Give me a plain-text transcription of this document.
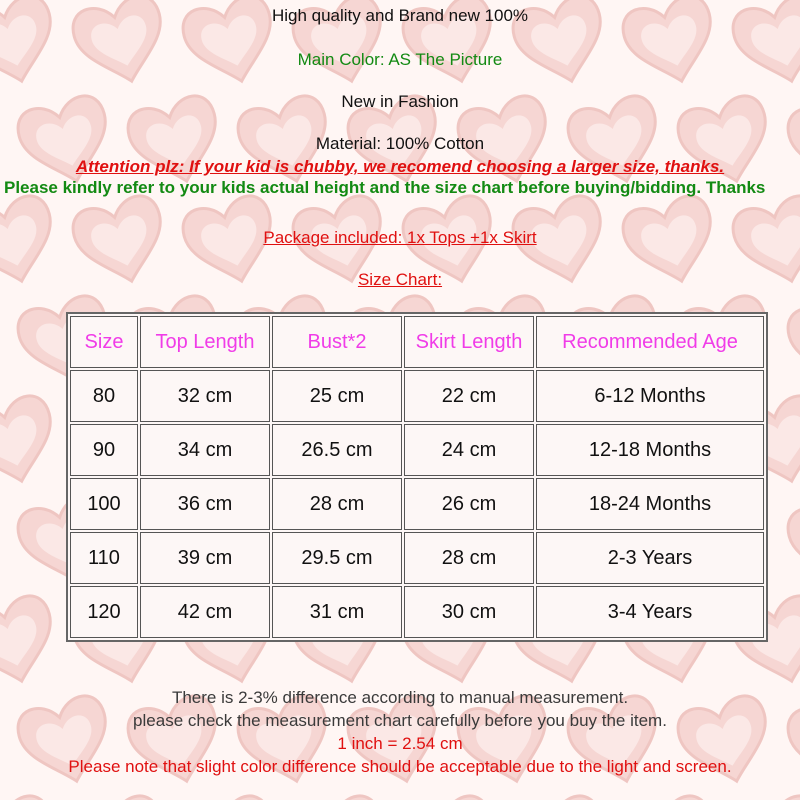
High quality and Brand new 100%
Main Color: AS The Picture
New in Fashion
Material: 100% Cotton
Attention plz: If your kid is chubby, we recomend choosing a larger size, thanks.
Please kindly refer to your kids actual height and the size chart before buying/bidding. Thanks
Package included: 1x Tops +1x Skirt
Size Chart:
Size	Top Length	Bust*2	Skirt Length	Recommended Age
80	32 cm	25 cm	22 cm	6-12 Months
90	34 cm	26.5 cm	24 cm	12-18 Months
100	36 cm	28 cm	26 cm	18-24 Months
110	39 cm	29.5 cm	28 cm	2-3 Years
120	42 cm	31 cm	30 cm	3-4 Years
There is 2-3% difference according to manual measurement.
please check the measurement chart carefully before you buy the item.
1 inch = 2.54 cm
Please note that slight color difference should be acceptable due to the light and screen.
